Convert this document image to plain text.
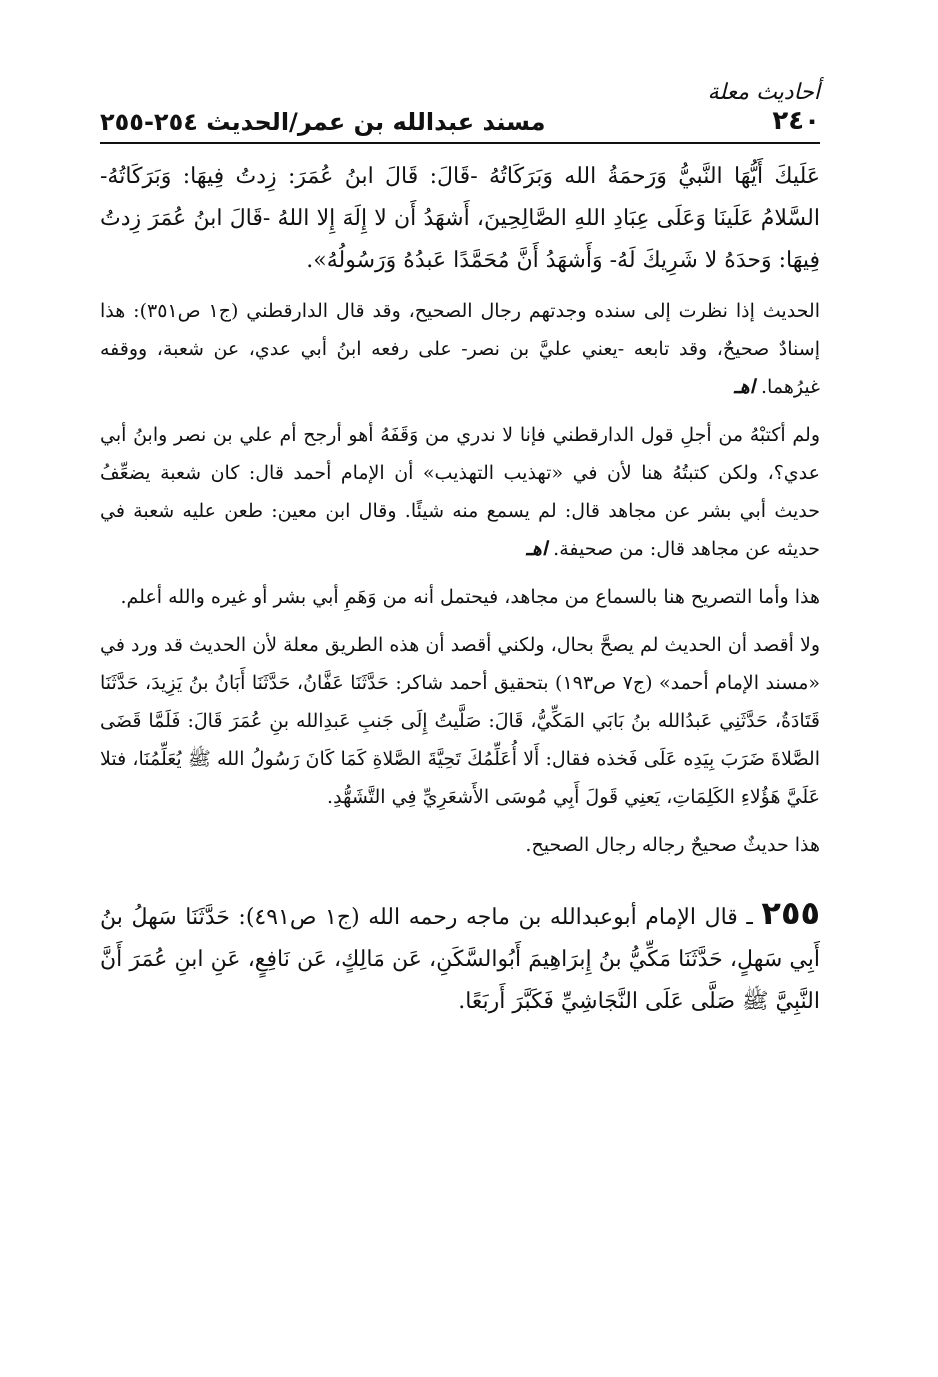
أحاديث معلة
٢٤٠
مسند عبدالله بن عمر/الحديث ٢٥٤-٢٥٥

عَلَيكَ أَيُّهَا النَّبيُّ وَرَحمَةُ الله وَبَرَكَاتُهُ -قَالَ: قَالَ ابنُ عُمَرَ: زِدتُ فِيهَا: وَبَرَكَاتُهُ- السَّلامُ عَلَينَا وَعَلَى عِبَادِ اللهِ الصَّالِحِينَ، أَشهَدُ أَن لا إِلَهَ إِلا اللهُ -قَالَ ابنُ عُمَرَ زِدتُ فِيهَا: وَحدَهُ لا شَرِيكَ لَهُ- وَأَشهَدُ أَنَّ مُحَمَّدًا عَبدُهُ وَرَسُولُهُ».

الحديث إذا نظرت إلى سنده وجدتهم رجال الصحيح، وقد قال الدارقطني (ج١ ص٣٥١): هذا إسنادٌ صحيحٌ، وقد تابعه -يعني عليَّ بن نصر- على رفعه ابنُ أبي عدي، عن شعبة، ووقفه غيرُهما. اهـ

ولم أكتبْهُ من أجلِ قول الدارقطني فإنا لا ندري من وَقَفَهُ أهو أرجح أم علي بن نصر وابنُ أبي عدي؟، ولكن كتبتُهُ هنا لأن في «تهذيب التهذيب» أن الإمام أحمد قال: كان شعبة يضعِّفُ حديث أبي بشر عن مجاهد قال: لم يسمع منه شيئًا. وقال ابن معين: طعن عليه شعبة في حديثه عن مجاهد قال: من صحيفة. اهـ

هذا وأما التصريح هنا بالسماع من مجاهد، فيحتمل أنه من وَهَمِ أبي بشر أو غيره والله أعلم.

ولا أقصد أن الحديث لم يصحَّ بحال، ولكني أقصد أن هذه الطريق معلة لأن الحديث قد ورد في «مسند الإمام أحمد» (ج٧ ص١٩٣) بتحقيق أحمد شاكر: حَدَّثَنَا عَفَّانُ، حَدَّثَنَا أَبَانُ بنُ يَزِيدَ، حَدَّثَنَا قَتَادَةُ، حَدَّثَنِي عَبدُالله بنُ بَابَي المَكِّيُّ، قَالَ: صَلَّيتُ إِلَى جَنبِ عَبدِالله بنِ عُمَرَ قَالَ: فَلَمَّا قَضَى الصَّلاةَ ضَرَبَ بِيَدِه عَلَى فَخذه فقال: أَلا أُعَلِّمُكَ تَحِيَّةَ الصَّلاةِ كَمَا كَانَ رَسُولُ الله ﷺ يُعَلِّمُنَا، فتلا عَلَيَّ هَؤُلاءِ الكَلِمَاتِ، يَعنِي قَولَ أَبِي مُوسَى الأَشعَرِيِّ فِي التَّشَهُّدِ.

هذا حديثٌ صحيحٌ رجاله رجال الصحيح.

٢٥٥ ـ قال الإمام أبوعبدالله بن ماجه رحمه الله (ج١ ص٤٩١): حَدَّثَنَا سَهلُ بنُ أَبِي سَهلٍ، حَدَّثَنَا مَكِّيُّ بنُ إِبرَاهِيمَ أَبُوالسَّكَنِ، عَن مَالِكٍ، عَن نَافِعٍ، عَنِ ابنِ عُمَرَ أَنَّ النَّبِيَّ ﷺ صَلَّى عَلَى النَّجَاشِيِّ فَكَبَّرَ أَربَعًا.
